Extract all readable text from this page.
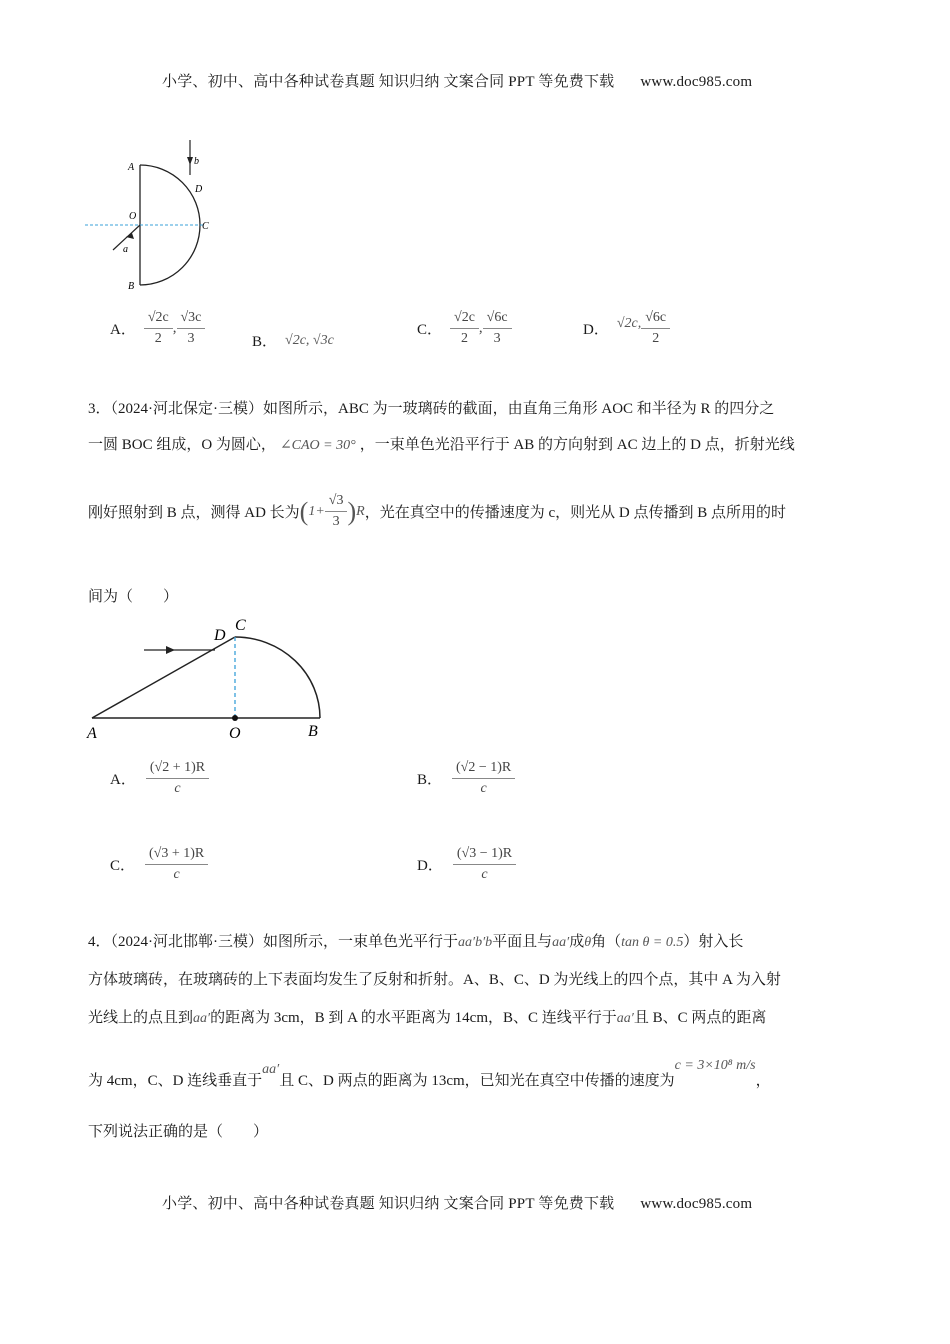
小学、初中、高中各种试卷真题 知识归纳 文案合同 PPT 等免费下载 www.doc985.com
A
B
C
D
O
a
b
A． $\frac{√2c}{2}$ , $\frac{√3c}{3}$	B． √2c, √3c
C． $\frac{√2c}{2}$ , $\frac{√6c}{3}$	D． √2c, $\frac{√6c}{2}$
3．（2024·河北保定·三模）如图所示，ABC 为一玻璃砖的截面，由直角三角形 AOC 和半径为 R 的四分之
一圆 BOC 组成，O 为圆心， ∠CAO = 30° ，一束单色光沿平行于 AB 的方向射到 AC 边上的 D 点，折射光线
刚好照射到 B 点，测得 AD 长为 ( $1+ \frac{√3}{3}$ ) R ，光在真空中的传播速度为 c，则光从 D 点传播到 B 点所用的时
间为（　　）
A	O	B
D
C
A． $\frac{(√2 + 1)R}{c}$	B． $\frac{(√2 - 1)R}{c}$
C． $\frac{(√3 + 1)R}{c}$	D． $\frac{(√3 - 1)R}{c}$
4．（2024·河北邯郸·三模）如图所示，一束单色光平行于aa′b′b平面且与aa′成θ角（tan θ = 0.5）射入长
方体玻璃砖，在玻璃砖的上下表面均发生了反射和折射。A、B、C、D 为光线上的四个点，其中 A 为入射
光线上的点且到aa′的距离为 3cm，B 到 A 的水平距离为 14cm，B、C 连线平行于aa′且 B、C 两点的距离
为 4cm，C、D 连线垂直于aa′且 C、D 两点的距离为 13cm，已知光在真空中传播的速度为c = 3×10⁸ m/s，
下列说法正确的是（　　）
小学、初中、高中各种试卷真题 知识归纳 文案合同 PPT 等免费下载 www.doc985.com
